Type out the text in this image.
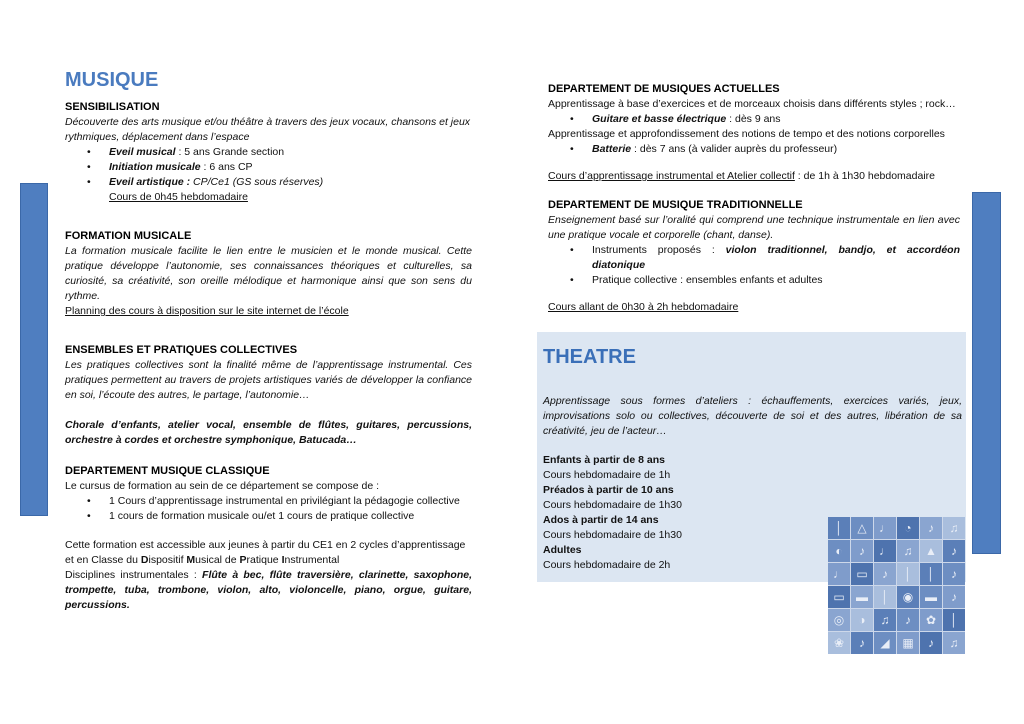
MUSIQUE

SENSIBILISATION

Découverte des arts musique et/ou théâtre à travers des jeux vocaux, chansons et jeux rythmiques, déplacement dans l’espace

• Eveil musical : 5 ans Grande section
• Initiation musicale : 6 ans CP
• Eveil artistique : CP/Ce1 (GS sous réserves)

Cours de 0h45 hebdomadaire

FORMATION MUSICALE

La formation musicale facilite le lien entre le musicien et le monde musical. Cette pratique développe l’autonomie, ses connaissances théoriques et culturelles, sa curiosité, sa créativité, son oreille mélodique et harmonique ainsi que son sens du rythme.

Planning des cours à disposition sur le site internet de l’école

ENSEMBLES ET PRATIQUES COLLECTIVES

Les pratiques collectives sont la finalité même de l’apprentissage instrumental. Ces pratiques permettent au travers de projets artistiques variés de développer la confiance en soi, l’écoute des autres, le partage, l’autonomie…

Chorale d’enfants, atelier vocal, ensemble de flûtes, guitares, percussions, orchestre à cordes et orchestre symphonique, Batucada…

DEPARTEMENT MUSIQUE CLASSIQUE

Le cursus de formation au sein de ce département se compose de :

• 1 Cours d’apprentissage instrumental en privilégiant la pédagogie collective
• 1 cours de formation musicale ou/et 1 cours de pratique collective

Cette formation est accessible aux jeunes à partir du CE1 en 2 cycles d’apprentissage

et en Classe du Dispositif Musical de Pratique Instrumental

Disciplines instrumentales : Flûte à bec, flûte traversière, clarinette, saxophone, trompette, tuba, trombone, violon, alto, violoncelle, piano, orgue, guitare, percussions.

DEPARTEMENT DE MUSIQUES ACTUELLES

Apprentissage à base d’exercices et de morceaux choisis dans différents styles ; rock…

• Guitare et basse électrique : dès 9 ans

Apprentissage et approfondissement des notions de tempo et des notions corporelles

• Batterie : dès 7 ans (à valider auprès du professeur)

Cours d’apprentissage instrumental et Atelier collectif : de 1h à 1h30 hebdomadaire

DEPARTEMENT DE MUSIQUE TRADITIONNELLE

Enseignement basé sur l’oralité qui comprend une technique instrumentale en lien avec une pratique vocale et corporelle (chant, danse).

• Instruments proposés : violon traditionnel, bandjo, et accordéon diatonique
• Pratique collective : ensembles enfants et adultes

Cours allant de 0h30 à 2h hebdomadaire

THEATRE

Apprentissage sous formes d’ateliers : échauffements, exercices variés, jeux, improvisations solo ou collectives, découverte de soi et des autres, libération de sa créativité, jeu de l’acteur…

Enfants à partir de 8 ans

Cours hebdomadaire de 1h

Préados à partir de 10 ans

Cours hebdomadaire de 1h30

Ados à partir de 14 ans

Cours hebdomadaire de 1h30

Adultes

Cours hebdomadaire de 2h

│	△	♩	◔	♪	♫
◐	♪	♩	♫	▲	♪
♩ ▭	♪	│	│	♪
▭ ▬	│	◉ ▬	♪
◎	◑	♫	♪	✿	│
❀	♪	◢	▦	♪	♫
